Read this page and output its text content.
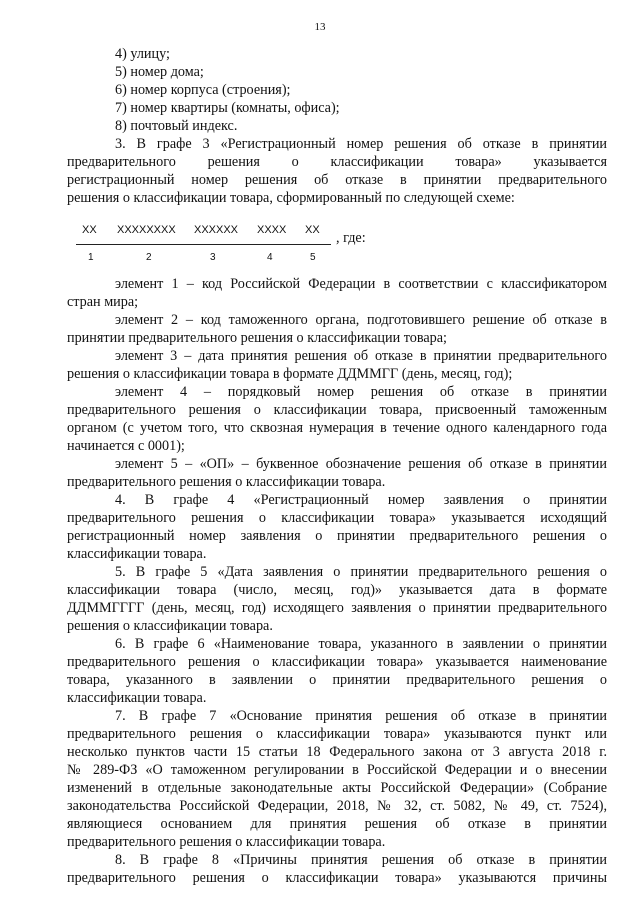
13
4) улицу;
5) номер дома;
6) номер корпуса (строения);
7) номер квартиры (комнаты, офиса);
8) почтовый индекс.
3. В графе 3 «Регистрационный номер решения об отказе в принятии
предварительного решения о классификации товара» указывается
регистрационный номер решения об отказе в принятии предварительного
решения о классификации товара, сформированный по следующей схеме:
XX XXXXXXXX XXXXXX XXXX XX , где:
1	2	3	4	5
элемент 1 – код Российской Федерации в соответствии с классификатором
стран мира;
элемент 2 – код таможенного органа, подготовившего решение об отказе в
принятии предварительного решения о классификации товара;
элемент 3 – дата принятия решения об отказе в принятии предварительного
решения о классификации товара в формате ДДММГГ (день, месяц, год);
элемент 4 – порядковый номер решения об отказе в принятии
предварительного решения о классификации товара, присвоенный таможенным
органом (с учетом того, что сквозная нумерация в течение одного календарного года
начинается с 0001);
элемент 5 – «ОП» – буквенное обозначение решения об отказе в принятии
предварительного решения о классификации товара.
4. В графе 4 «Регистрационный номер заявления о принятии
предварительного решения о классификации товара» указывается исходящий
регистрационный номер заявления о принятии предварительного решения о
классификации товара.
5. В графе 5 «Дата заявления о принятии предварительного решения о
классификации товара (число, месяц, год)» указывается дата в формате
ДДММГГГГ (день, месяц, год) исходящего заявления о принятии предварительного
решения о классификации товара.
6. В графе 6 «Наименование товара, указанного в заявлении о принятии
предварительного решения о классификации товара» указывается наименование
товара, указанного в заявлении о принятии предварительного решения о
классификации товара.
7. В графе 7 «Основание принятия решения об отказе в принятии
предварительного решения о классификации товара» указываются пункт или
несколько пунктов части 15 статьи 18 Федерального закона от 3 августа 2018 г.
№ 289-ФЗ «О таможенном регулировании в Российской Федерации и о внесении
изменений в отдельные законодательные акты Российской Федерации» (Собрание
законодательства Российской Федерации, 2018, № 32, ст. 5082, № 49, ст. 7524),
являющиеся основанием для принятия решения об отказе в принятии
предварительного решения о классификации товара.
8. В графе 8 «Причины принятия решения об отказе в принятии
предварительного решения о классификации товара» указываются причины
